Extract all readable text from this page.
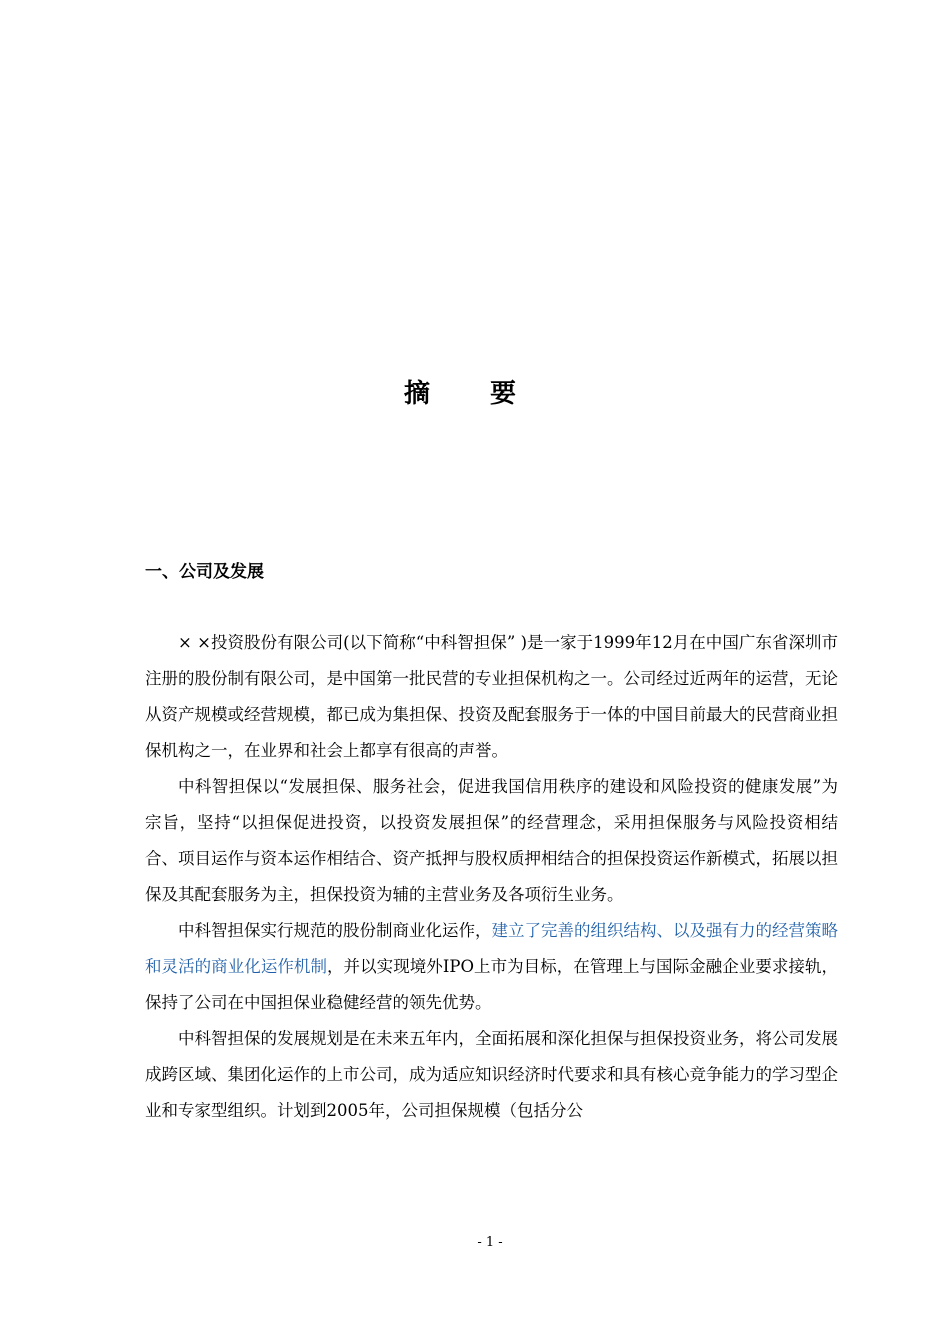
摘要
一、公司及发展

× ×投资股份有限公司(以下简称“中科智担保” )是一家于1999年12月在中国广东省深圳市注册的股份制有限公司，是中国第一批民营的专业担保机构之一。公司经过近两年的运营，无论从资产规模或经营规模，都已成为集担保、投资及配套服务于一体的中国目前最大的民营商业担保机构之一，在业界和社会上都享有很高的声誉。

中科智担保以“发展担保、服务社会，促进我国信用秩序的建设和风险投资的健康发展”为宗旨，坚持“以担保促进投资，以投资发展担保”的经营理念，采用担保服务与风险投资相结合、项目运作与资本运作相结合、资产抵押与股权质押相结合的担保投资运作新模式，拓展以担保及其配套服务为主，担保投资为辅的主营业务及各项衍生业务。

中科智担保实行规范的股份制商业化运作，建立了完善的组织结构、以及强有力的经营策略和灵活的商业化运作机制，并以实现境外IPO上市为目标，在管理上与国际金融企业要求接轨，保持了公司在中国担保业稳健经营的领先优势。

中科智担保的发展规划是在未来五年内，全面拓展和深化担保与担保投资业务，将公司发展成跨区域、集团化运作的上市公司，成为适应知识经济时代要求和具有核心竞争能力的学习型企业和专家型组织。计划到2005年，公司担保规模（包括分公

- 1 -
